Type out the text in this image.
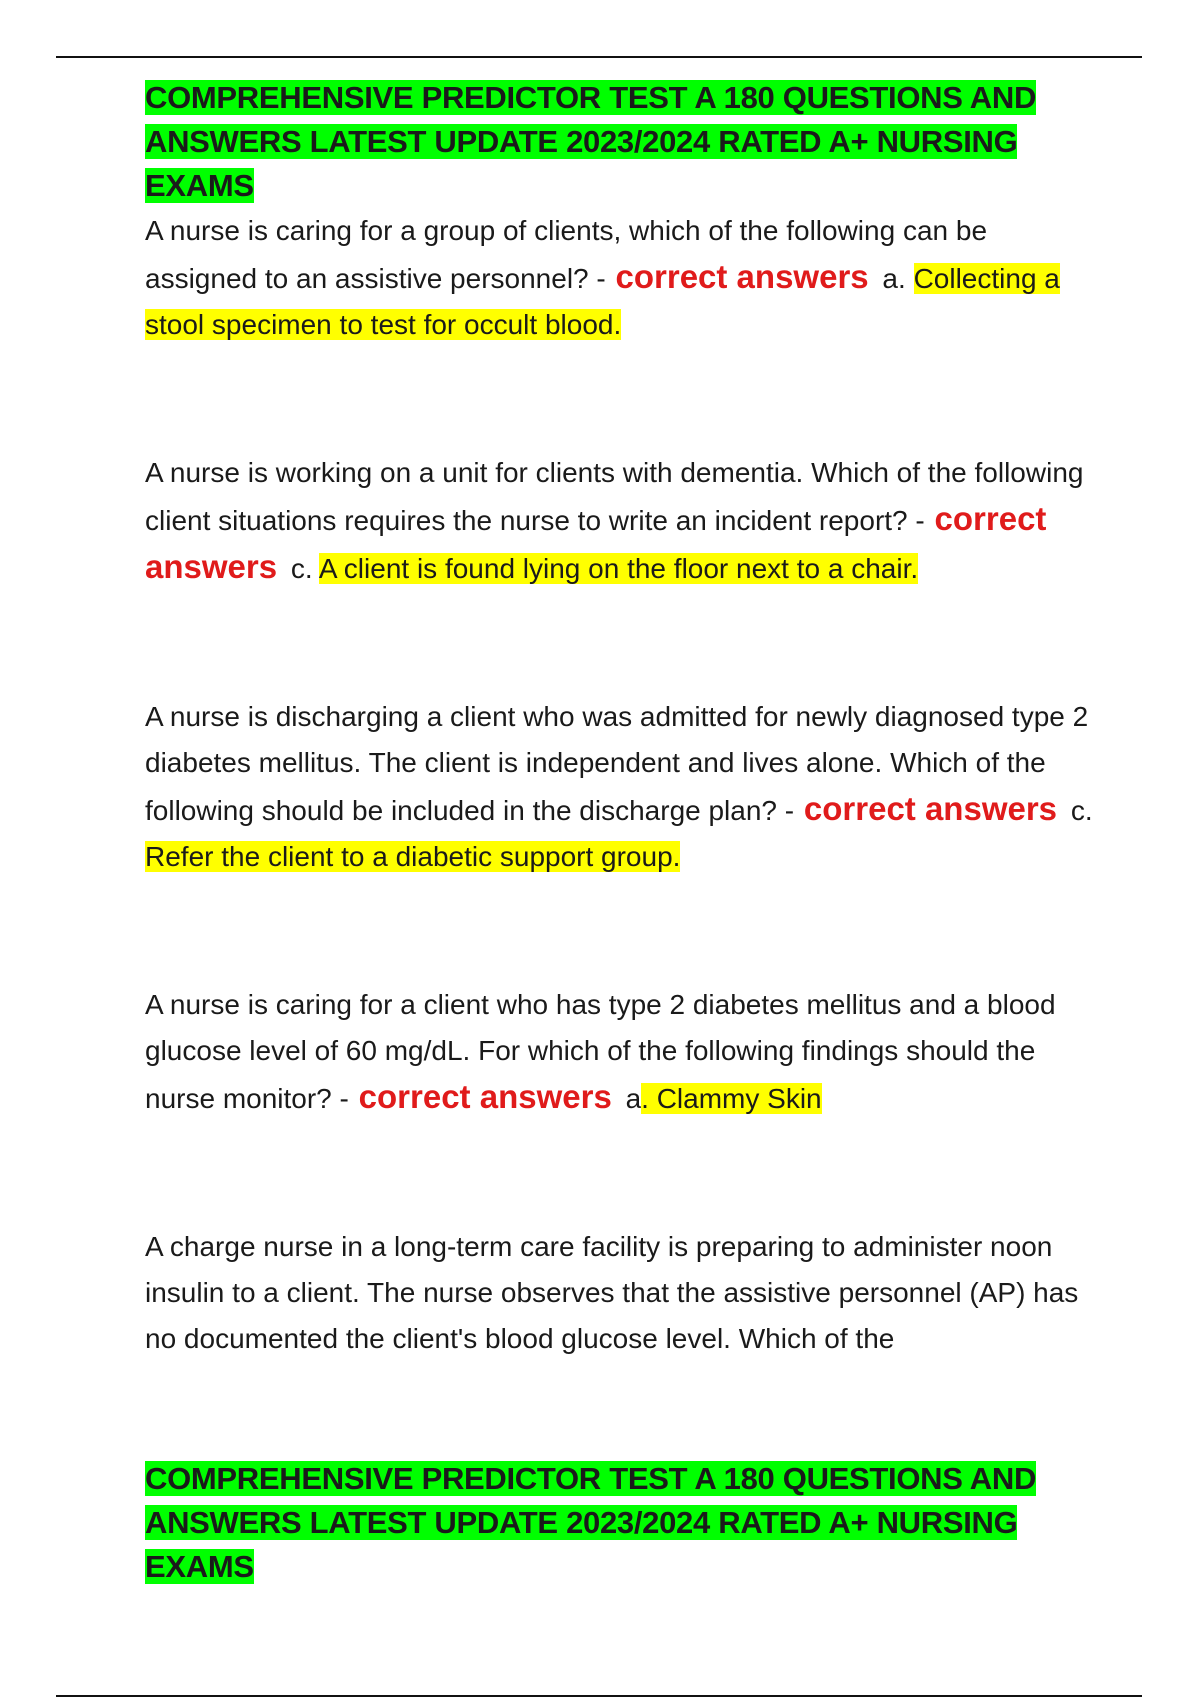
COMPREHENSIVE PREDICTOR TEST A 180 QUESTIONS AND ANSWERS LATEST UPDATE 2023/2024 RATED A+ NURSING EXAMS

A nurse is caring for a group of clients, which of the following can be assigned to an assistive personnel? - correct answers a. Collecting a stool specimen to test for occult blood.

A nurse is working on a unit for clients with dementia. Which of the following client situations requires the nurse to write an incident report? - correct answers c. A client is found lying on the floor next to a chair.

A nurse is discharging a client who was admitted for newly diagnosed type 2 diabetes mellitus. The client is independent and lives alone. Which of the following should be included in the discharge plan? - correct answers c. Refer the client to a diabetic support group.

A nurse is caring for a client who has type 2 diabetes mellitus and a blood glucose level of 60 mg/dL. For which of the following findings should the nurse monitor? - correct answers a. Clammy Skin

A charge nurse in a long-term care facility is preparing to administer noon insulin to a client. The nurse observes that the assistive personnel (AP) has no documented the client's blood glucose level. Which of the

COMPREHENSIVE PREDICTOR TEST A 180 QUESTIONS AND ANSWERS LATEST UPDATE 2023/2024 RATED A+ NURSING EXAMS
